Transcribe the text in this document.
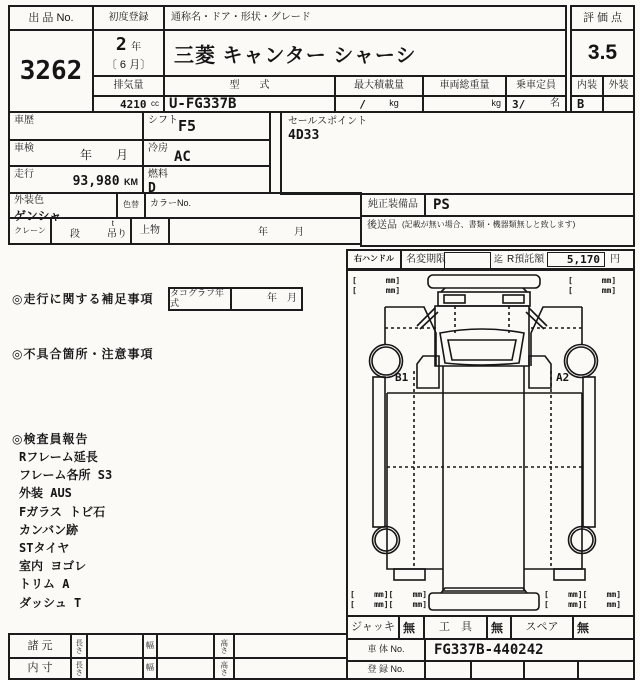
出 品 No.
3262
初度登録
2 年
〔 6 月〕
排気量
4210
cc
通称名・ドア・形状・グレード
三菱 キャンター シャーシ
型　　式
U-FG337B
最大積載量
/	kg
車両総重量
kg
乗車定員
3/ 名
評 価 点
3.5
内装 外装
B
車歴	シフト F5
車検	年　　月 冷房
AC
走行	93,980 KM
燃料
D
外装色
ゲンシャ
色替 カラーNo.
クレーン 段
t
吊り 上物	年	月
セールスポイント
4D33
純正装備品 PS
後送品 (記載が無い場合、書類・機器類無しと致します)
右ハンドル 名変期限	迄 R預託額 5,170 円
◎走行に関する補足事項 タコグラフ年式	年　月
◎不具合箇所・注意事項
◎検査員報告
Rフレーム延長
フレーム各所 S3
外装 AUS
Fガラス トビ石
カンバン跡
STタイヤ
室内 ヨゴレ
トリム A
ダッシュ T
[      mm]
[      mm]
[      mm]
[      mm]
[    mm][    mm]
[    mm][    mm]
[    mm][    mm]
[    mm][    mm]
B1	A2
ジャッキ 無 工　具 無 スペア 無
車 体 No. FG337B-440242
登 録 No.
諸 元	長さ	幅	高さ
内 寸	長さ	幅	高さ
